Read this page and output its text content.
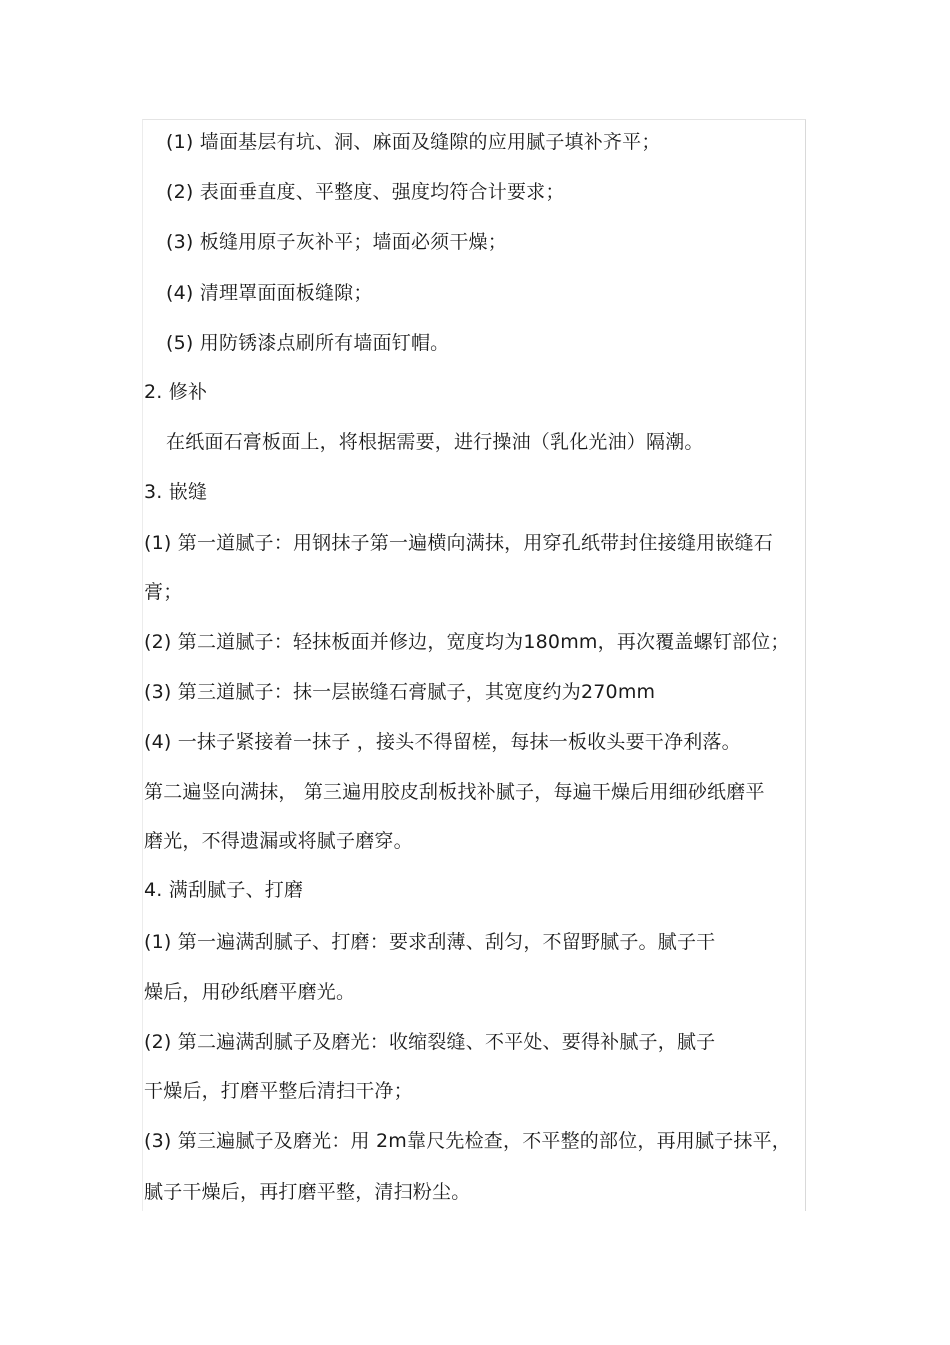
(1) 墙面基层有坑、洞、麻面及缝隙的应用腻子填补齐平；
(2) 表面垂直度、平整度、强度均符合计要求；
(3) 板缝用原子灰补平；墙面必须干燥；
(4) 清理罩面面板缝隙；
(5) 用防锈漆点刷所有墙面钉帽。
2. 修补
在纸面石膏板面上，将根据需要，进行操油（乳化光油）隔潮。
3. 嵌缝
(1) 第一道腻子：用钢抹子第一遍横向满抹，用穿孔纸带封住接缝用嵌缝石
膏；
(2) 第二道腻子：轻抹板面并修边，宽度均为180mm，再次覆盖螺钉部位；
(3) 第三道腻子：抹一层嵌缝石膏腻子，其宽度约为270mm
(4) 一抹子紧接着一抹子 ，接头不得留槎，每抹一板收头要干净利落。
第二遍竖向满抹， 第三遍用胶皮刮板找补腻子，每遍干燥后用细砂纸磨平
磨光，不得遗漏或将腻子磨穿。
4. 满刮腻子、打磨
(1) 第一遍满刮腻子、打磨：要求刮薄、刮匀，不留野腻子。腻子干
燥后，用砂纸磨平磨光。
(2) 第二遍满刮腻子及磨光：收缩裂缝、不平处、要得补腻子，腻子
干燥后，打磨平整后清扫干净；
(3) 第三遍腻子及磨光：用 2m靠尺先检查，不平整的部位，再用腻子抹平，
腻子干燥后，再打磨平整，清扫粉尘。
